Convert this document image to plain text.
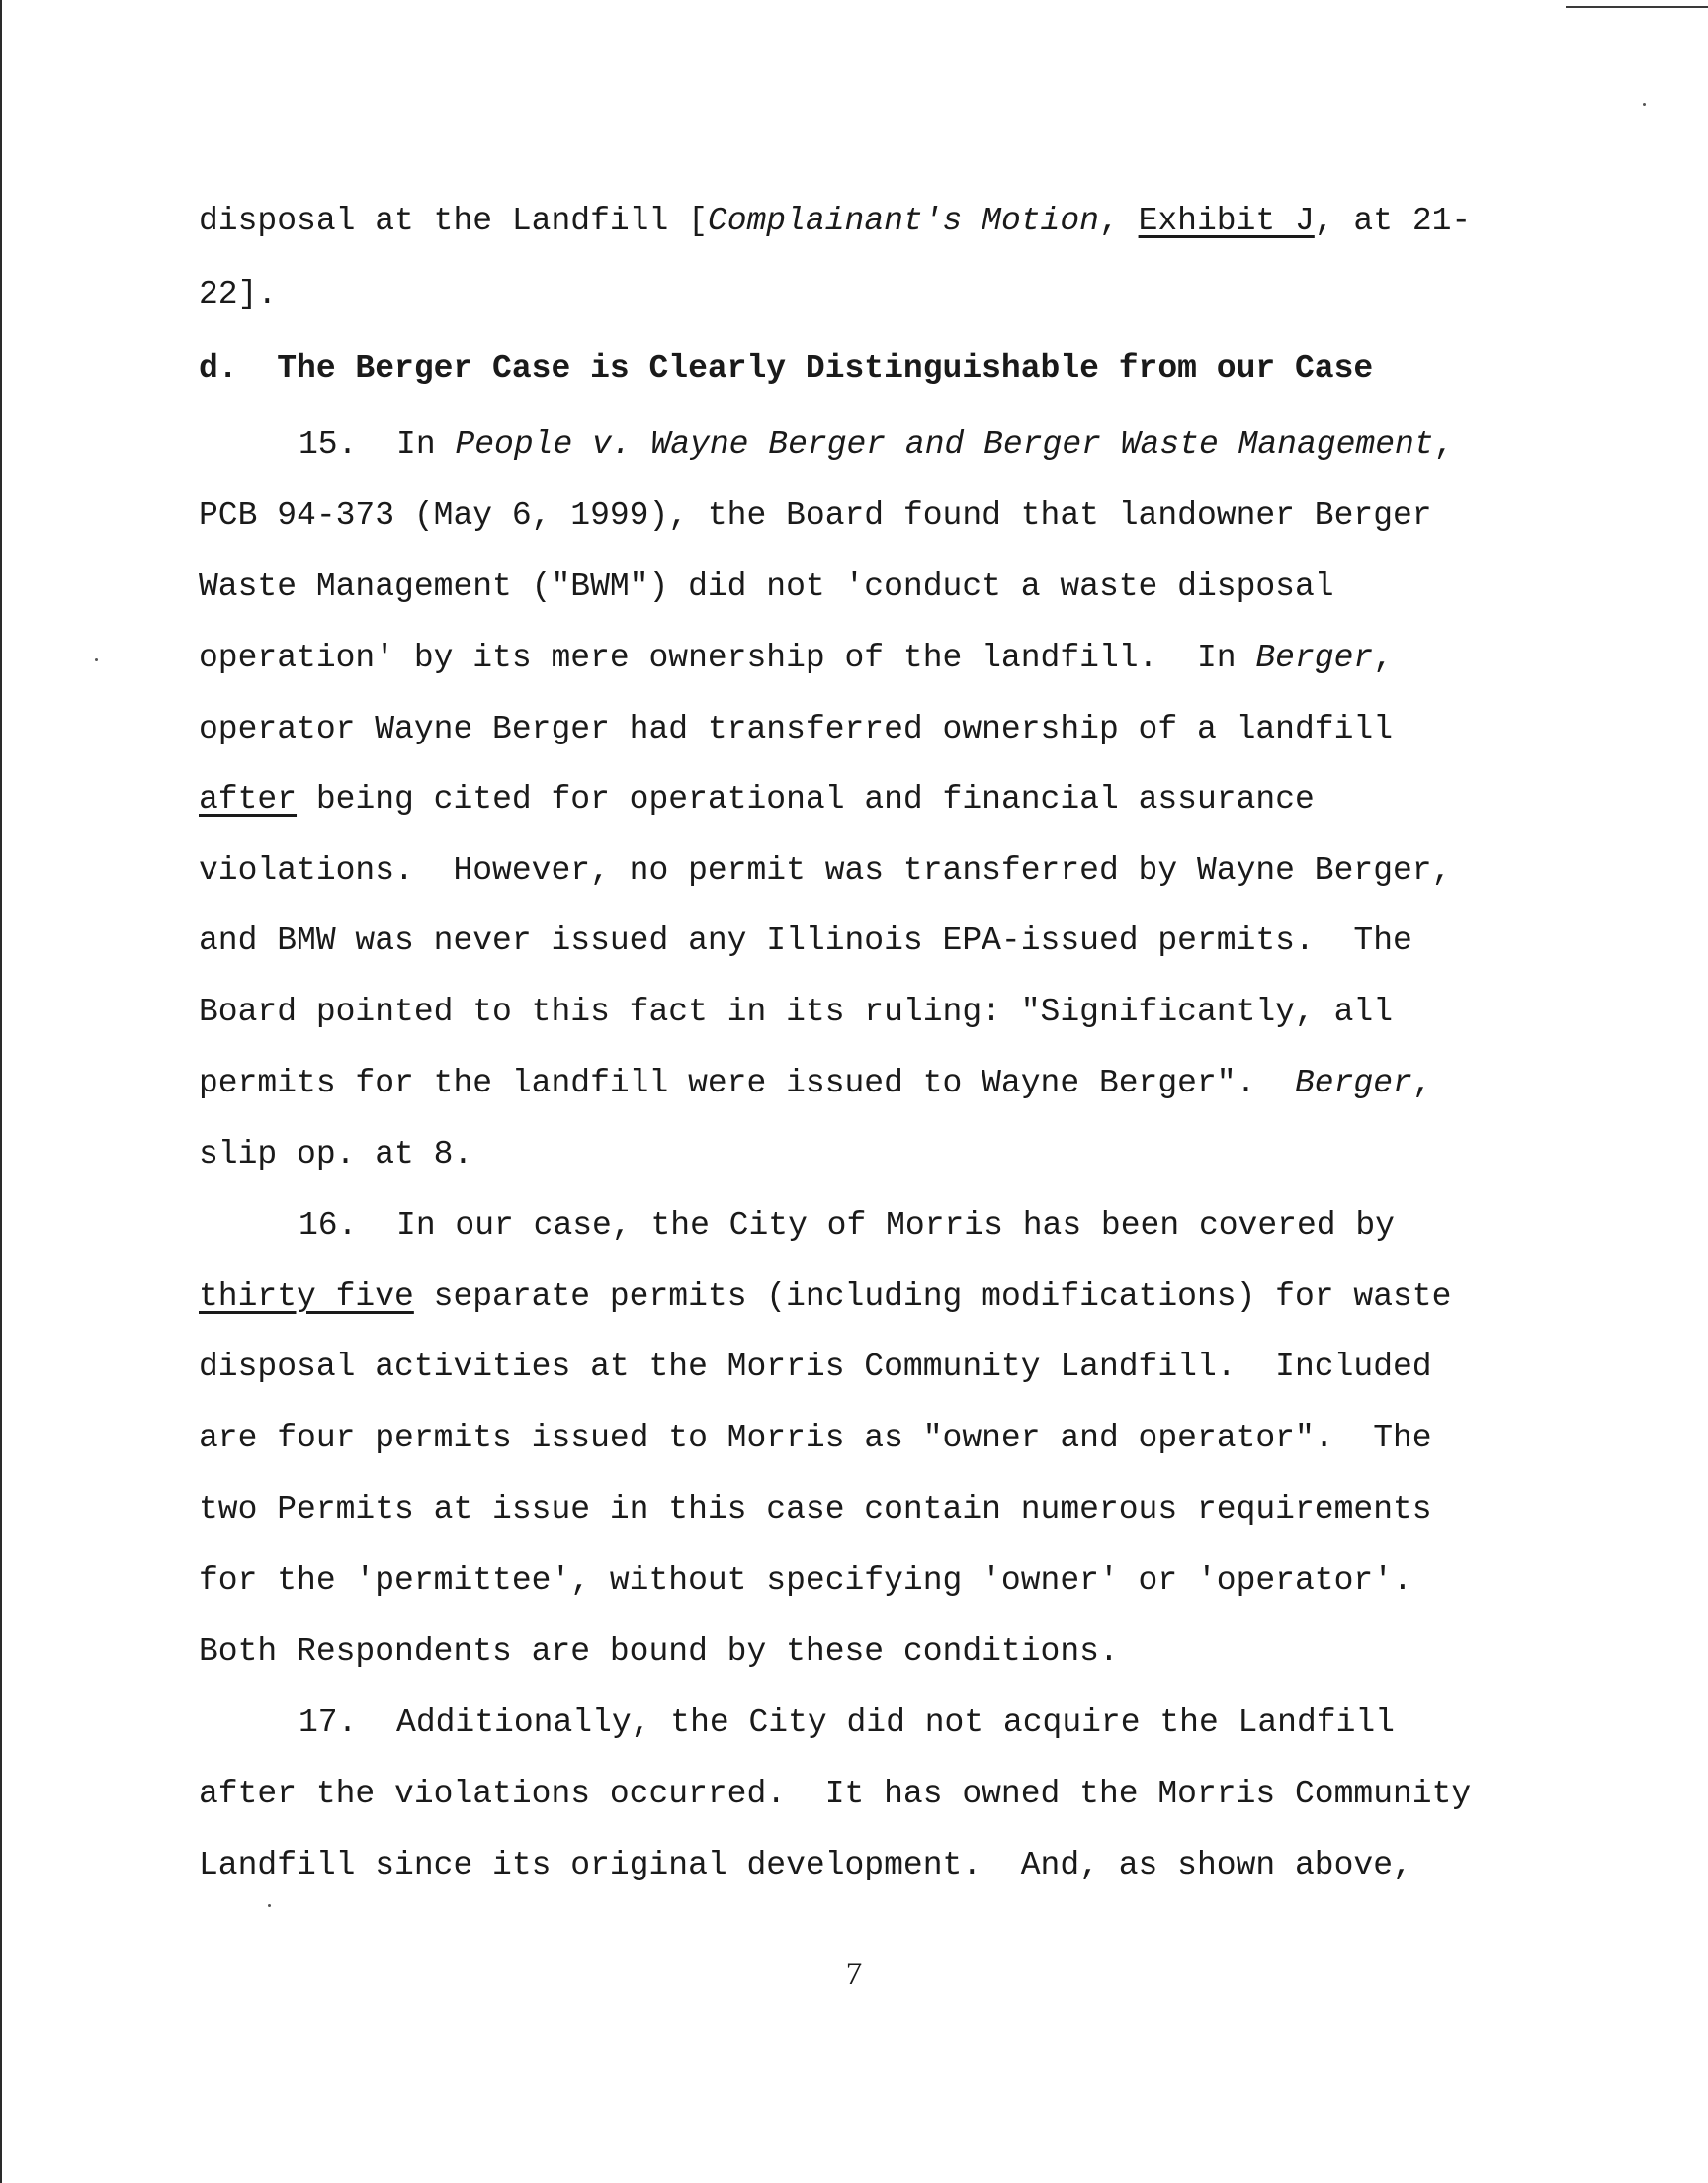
disposal at the Landfill [Complainant's Motion, Exhibit J, at 21-
22].
d.  The Berger Case is Clearly Distinguishable from our Case
15.  In People v. Wayne Berger and Berger Waste Management,
PCB 94-373 (May 6, 1999), the Board found that landowner Berger
Waste Management ("BWM") did not 'conduct a waste disposal
operation' by its mere ownership of the landfill.  In Berger,
operator Wayne Berger had transferred ownership of a landfill
after being cited for operational and financial assurance
violations.  However, no permit was transferred by Wayne Berger,
and BMW was never issued any Illinois EPA-issued permits.  The
Board pointed to this fact in its ruling: "Significantly, all
permits for the landfill were issued to Wayne Berger".  Berger,
slip op. at 8.
16.  In our case, the City of Morris has been covered by
thirty five separate permits (including modifications) for waste
disposal activities at the Morris Community Landfill.  Included
are four permits issued to Morris as "owner and operator".  The
two Permits at issue in this case contain numerous requirements
for the 'permittee', without specifying 'owner' or 'operator'.
Both Respondents are bound by these conditions.
17.  Additionally, the City did not acquire the Landfill
after the violations occurred.  It has owned the Morris Community
Landfill since its original development.  And, as shown above,
7
